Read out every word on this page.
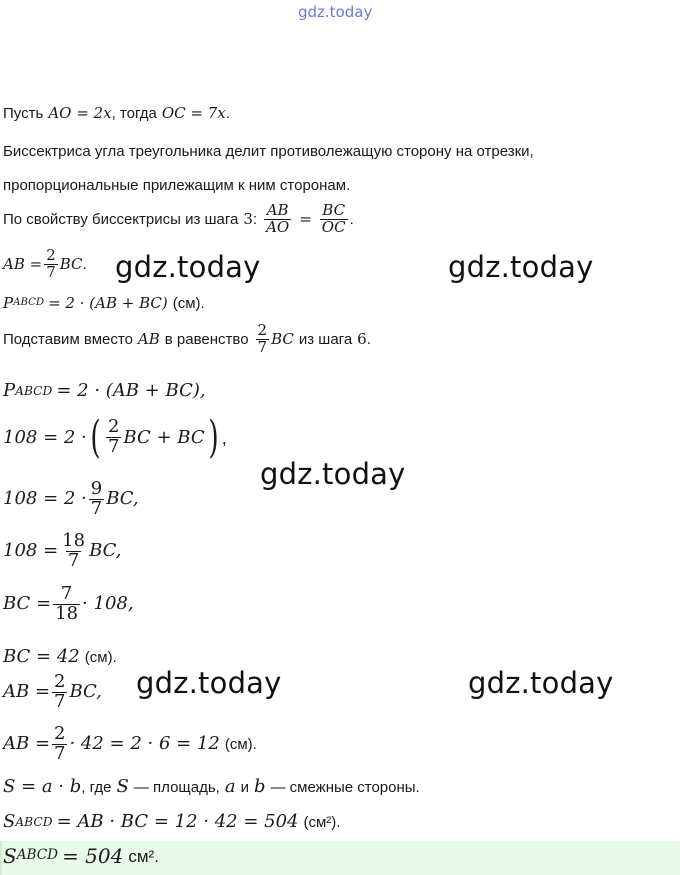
gdz.today
Пусть AO = 2x , тогда OC = 7x .
Биссектриса угла треугольника делит противолежащую сторону на отрезки,
пропорциональные прилежащим к ним сторонам.
По свойству биссектрисы из шага 3 : $\frac{AB}{AO} = \frac{BC}{OC}$ .
AB = $\frac{2}{7}$ BC .
P ABCD = 2 · (AB + BC) (см).
Подставим вместо AB в равенство $\frac{2}{7}$ BC из шага 6 .
P ABCD = 2 · (AB + BC),
108 = 2 · ( $\frac{2}{7}$ BC + BC ) ,
$108 = 2 \cdot \frac{9}{7}$ BC,
$108 = \frac{18}{7}$ BC,
BC = $\frac{7}{18} \cdot 108$,
BC = 42 (см).
AB = $\frac{2}{7}$ BC,
AB = $\frac{2}{7} \cdot 42 = 2 \cdot 6 = 12$ (см).
S = a · b , где S — площадь, a и b — смежные стороны.
S ABCD = AB · BC = 12 · 42 = 504 (см²).
S ABCD = 504 см².
gdz.today	gdz.today
gdz.today
gdz.today	gdz.today
